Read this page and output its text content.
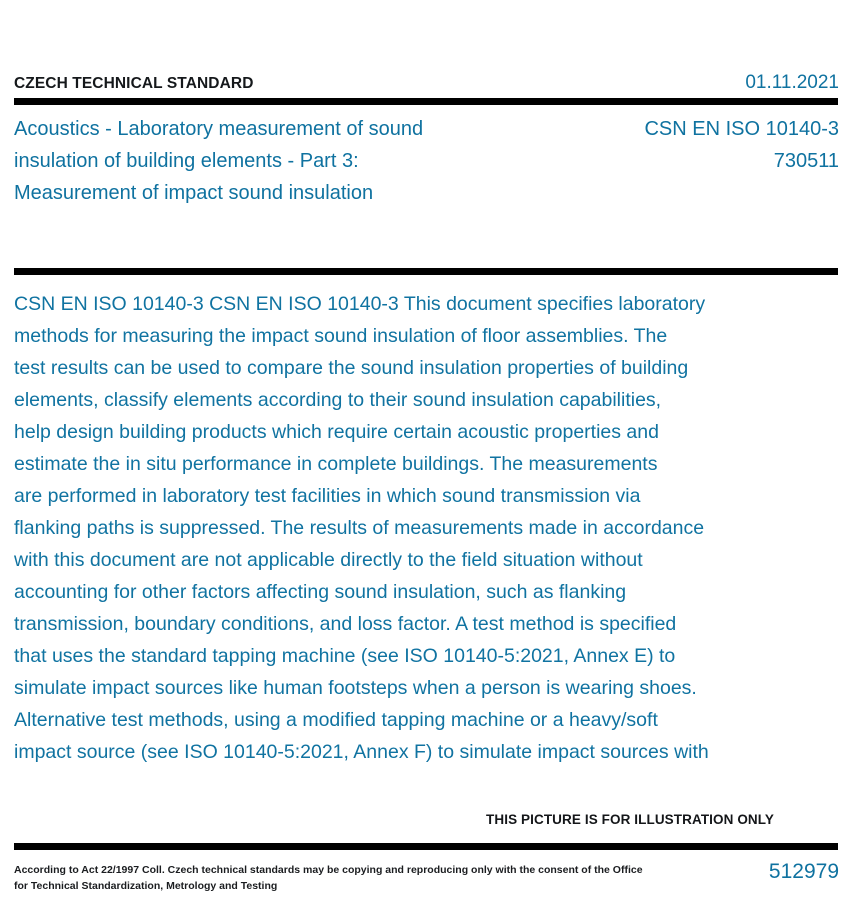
CZECH TECHNICAL STANDARD	01.11.2021
Acoustics - Laboratory measurement of sound
insulation of building elements - Part 3:
Measurement of impact sound insulation
CSN EN ISO 10140-3
730511

CSN EN ISO 10140-3 CSN EN ISO 10140-3 This document specifies laboratory

methods for measuring the impact sound insulation of floor assemblies. The

test results can be used to compare the sound insulation properties of building

elements, classify elements according to their sound insulation capabilities,

help design building products which require certain acoustic properties and

estimate the in situ performance in complete buildings. The measurements

are performed in laboratory test facilities in which sound transmission via

flanking paths is suppressed. The results of measurements made in accordance

with this document are not applicable directly to the field situation without

accounting for other factors affecting sound insulation, such as flanking

transmission, boundary conditions, and loss factor. A test method is specified

that uses the standard tapping machine (see ISO 10140-5:2021, Annex E) to

simulate impact sources like human footsteps when a person is wearing shoes.

Alternative test methods, using a modified tapping machine or a heavy/soft

impact source (see ISO 10140-5:2021, Annex F) to simulate impact sources with

THIS PICTURE IS FOR ILLUSTRATION ONLY
According to Act 22/1997 Coll. Czech technical standards may be copying and reproducing only with the consent of the Office
for Technical Standardization, Metrology and Testing
512979
